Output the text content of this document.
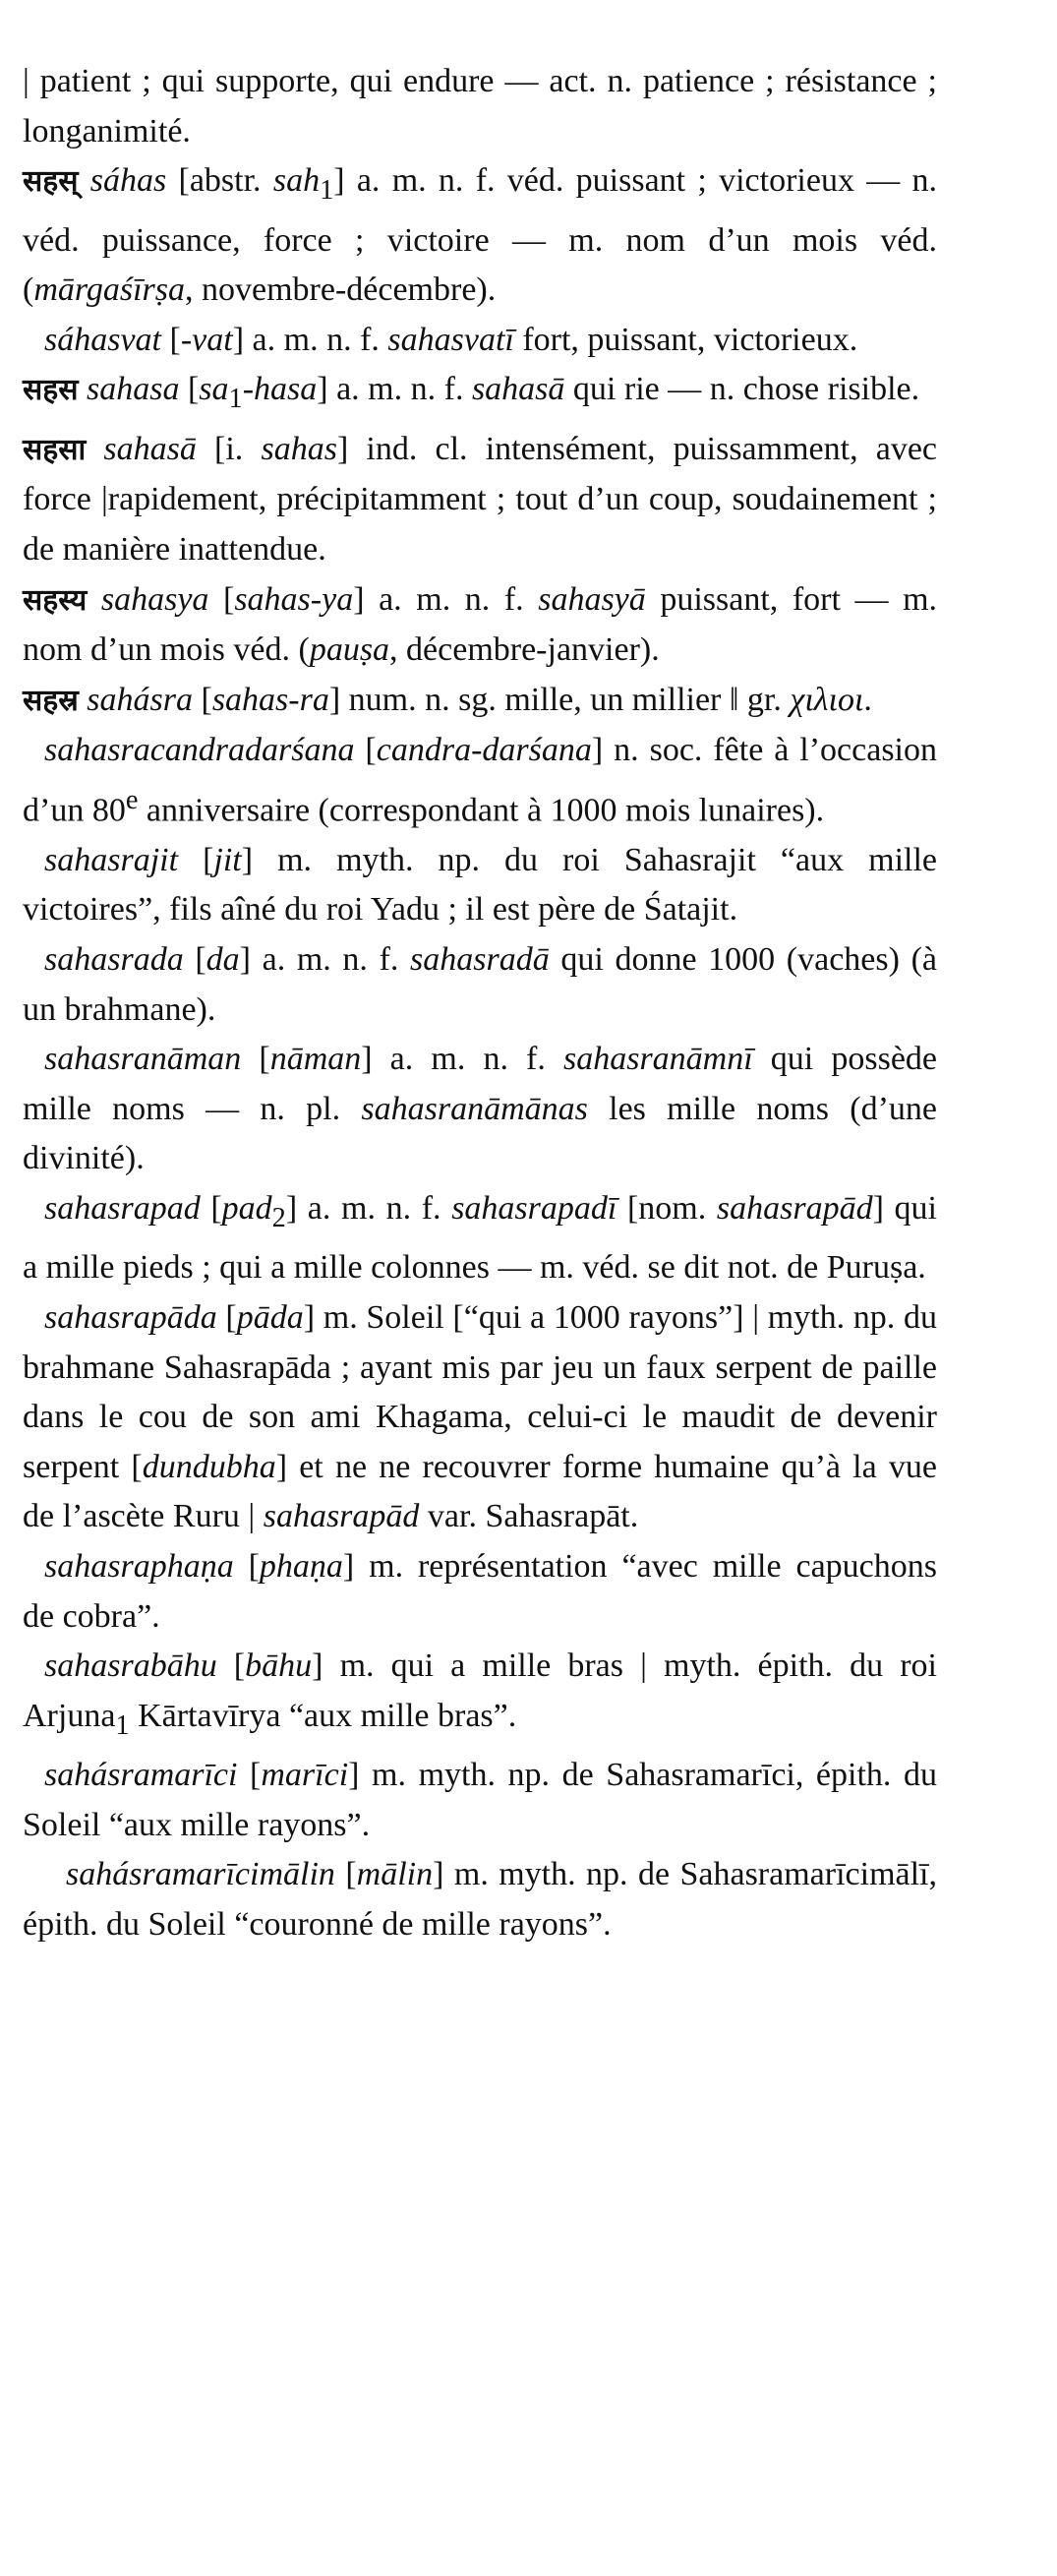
| patient ; qui supporte, qui endure — act. n. patience ; résistance ; longanimité.

सहस् sáhas [abstr. sah$_1$] a. m. n. f. véd. puissant ; victorieux — n. véd. puissance, force ; victoire — m. nom d’un mois véd. (mārgaśīrṣa, novembre-décembre).

sáhasvat [-vat] a. m. n. f. sahasvatī fort, puissant, victorieux.

सहस sahasa $[sa_1-hasa]$ a. m. n. f. sahasā qui rie — n. chose risible.

सहसा sahasā [i. sahas] ind. cl. intensément, puissamment, avec force |rapidement, précipitamment ; tout d’un coup, soudainement ; de manière inattendue.

सहस्य sahasya [sahas-ya] a. m. n. f. sahasyā puissant, fort — m. nom d’un mois véd. (pauṣa, décembre-janvier).

सहस्र sahásra [sahas-ra] num. n. sg. mille, un millier ‖ gr. χιλιοι.

sahasracandradarśana [candra-darśana] n. soc. fête à l’occasion d’un 80e anniversaire (correspondant à 1000 mois lunaires).

sahasrajit [jit] m. myth. np. du roi Sahasrajit “aux mille victoires”, fils aîné du roi Yadu ; il est père de Śatajit.

sahasrada [da] a. m. n. f. sahasradā qui donne 1000 (vaches) (à un brahmane).

sahasranāman [nāman] a. m. n. f. sahasranāmnī qui possède mille noms — n. pl. sahasranāmānas les mille noms (d’une divinité).

sahasrapad [pad$_2$] a. m. n. f. sahasrapadī [nom. sahasrapād] qui a mille pieds ; qui a mille colonnes — m. véd. se dit not. de Puruṣa.

sahasrapāda [pāda] m. Soleil [“qui a 1000 rayons”] | myth. np. du brahmane Sahasrapāda ; ayant mis par jeu un faux serpent de paille dans le cou de son ami Khagama, celui-ci le maudit de devenir serpent [dundubha] et ne ne recouvrer forme humaine qu’à la vue de l’ascète Ruru | sahasrapād var. Sahasrapāt.

sahasraphaṇa [phaṇa] m. représentation “avec mille capuchons de cobra”.

sahasrabāhu [bāhu] m. qui a mille bras | myth. épith. du roi Arjuna$_1$ Kārtavīrya “aux mille bras”.

sahásramarīci [marīci] m. myth. np. de Sahasramarīci, épith. du Soleil “aux mille rayons”.

sahásramarīcimālin [mālin] m. myth. np. de Sahasramarīcimālī, épith. du Soleil “couronné de mille rayons”.
